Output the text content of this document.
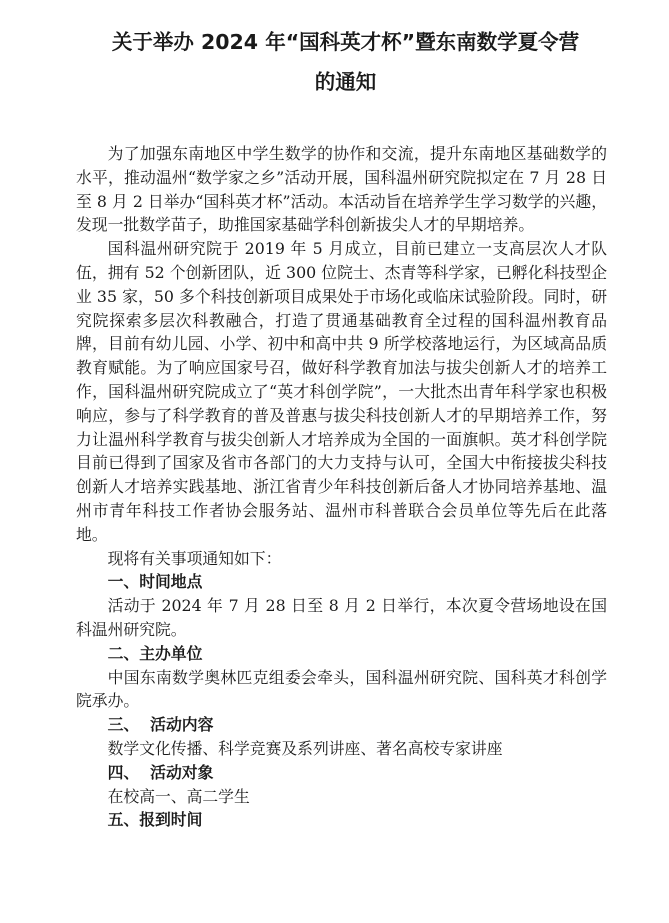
关于举办 2024 年“国科英才杯”暨东南数学夏令营
的通知

为了加强东南地区中学生数学的协作和交流，提升东南地区基础数学的水平，推动温州“数学家之乡”活动开展，国科温州研究院拟定在 7 月 28 日至 8 月 2 日举办“国科英才杯”活动。本活动旨在培养学生学习数学的兴趣，发现一批数学苗子，助推国家基础学科创新拔尖人才的早期培养。

国科温州研究院于 2019 年 5 月成立，目前已建立一支高层次人才队伍，拥有 52 个创新团队，近 300 位院士、杰青等科学家，已孵化科技型企业 35 家，50 多个科技创新项目成果处于市场化或临床试验阶段。同时，研究院探索多层次科教融合，打造了贯通基础教育全过程的国科温州教育品牌，目前有幼儿园、小学、初中和高中共 9 所学校落地运行，为区域高品质教育赋能。为了响应国家号召，做好科学教育加法与拔尖创新人才的培养工作，国科温州研究院成立了“英才科创学院”，一大批杰出青年科学家也积极响应，参与了科学教育的普及普惠与拔尖科技创新人才的早期培养工作，努力让温州科学教育与拔尖创新人才培养成为全国的一面旗帜。英才科创学院目前已得到了国家及省市各部门的大力支持与认可，全国大中衔接拔尖科技创新人才培养实践基地、浙江省青少年科技创新后备人才协同培养基地、温州市青年科技工作者协会服务站、温州市科普联合会员单位等先后在此落地。

现将有关事项通知如下：

一、时间地点

活动于 2024 年 7 月 28 日至 8 月 2 日举行，本次夏令营场地设在国科温州研究院。

二、主办单位

中国东南数学奥林匹克组委会牵头，国科温州研究院、国科英才科创学院承办。

三、  活动内容

数学文化传播、科学竞赛及系列讲座、著名高校专家讲座

四、  活动对象

在校高一、高二学生

五、报到时间
